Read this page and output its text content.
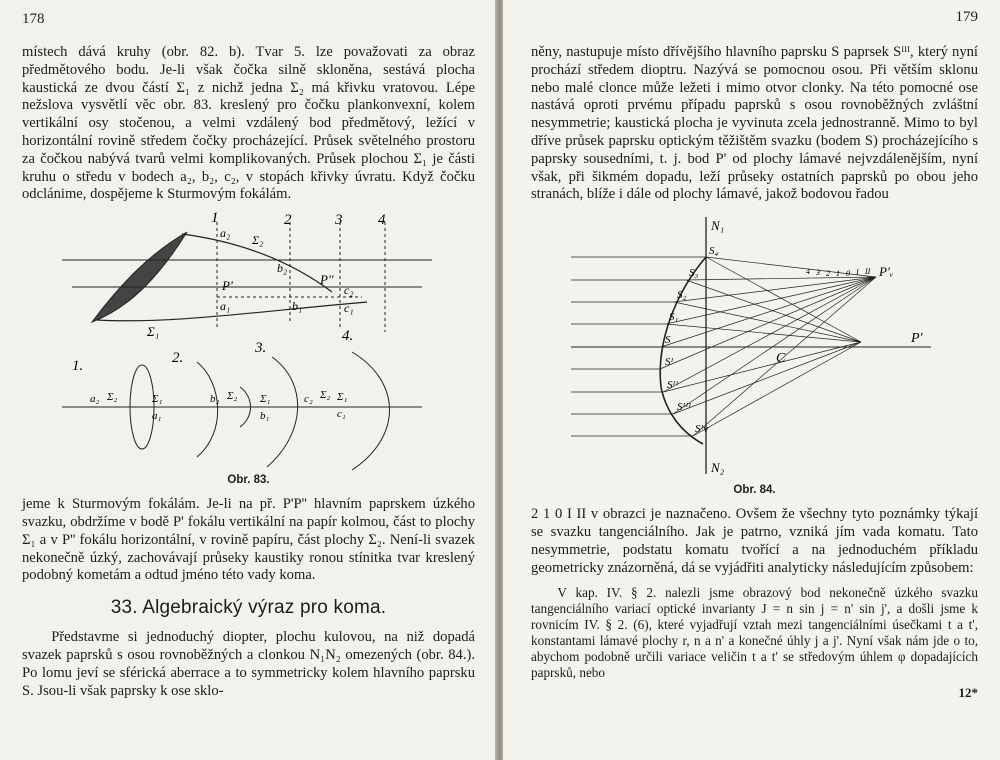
178

místech dává kruhy (obr. 82. b). Tvar 5. lze považovati za obraz předmětového bodu. Je-li však čočka silně skloněna, sestává plocha kaustická ze dvou částí Σ₁ z nichž jedna Σ₂ má křivku vratovou. Lépe nežslova vysvětlí věc obr. 83. kreslený pro čočku plankonvexní, kolem vertikální osy stočenou, a velmi vzdálený bod předmětový, ležící v horizontální rovině středem čočky procházející. Průsek světelného prostoru za čočkou nabývá tvarů velmi komplikovaných. Průsek plochou Σ₁ je části kruhu o středu v bodech a₂, b₂, c₂, v stopách křivky úvratu. Když čočku odclánime, dospějeme k Sturmovým fokálám.

1	2	3 4
a₂ Σ₂
b₂
P'	P''
c₂
a₁	b₁	c₁
Σ₁
1.	2.
3.
4.
a₂ Σ₂	Σ₁
a₁
b₂ Σ₂ Σ₁
b₁
c₂ Σ₂ Σ₁
c₁
Obr. 83.

jeme k Sturmovým fokálám. Je-li na př. P'P'' hlavním paprskem úzkého svazku, obdržíme v bodě P' fokálu vertikální na papír kolmou, část to plochy Σ₁ a v P'' fokálu horizontální, v rovině papíru, část plochy Σ₂. Není-li svazek nekonečně úzký, zachovávají průseky kaustiky ronou stínitka tvar kreslený podobný kometám a odtud jméno této vady koma.

33. Algebraický výraz pro koma.

Představme si jednoduchý diopter, plochu kulovou, na niž dopadá svazek paprsků s osou rovnoběžných a clonkou N₁N₂ omezených (obr. 84.). Po lomu jeví se sférická aberrace a to symmetricky kolem hlavního paprsku S. Jsou-li však paprsky k ose sklo-

179

něny, nastupuje místo dřívějšího hlavního paprsku S paprsek Sᴵᴵᴵ, který nyní prochází středem dioptru. Nazývá se pomocnou osou. Při větším sklonu nebo malé clonce může ležeti i mimo otvor clonky. Na této pomocné ose nastává oproti prvému případu paprsků s osou rovnoběžných zvláštní nesymmetrie; kaustická plocha je vyvinuta zcela jednostranně. Mimo to byl dříve průsek paprsku optickým těžištěm svazku (bodem S) procházejícího s paprsky sousedními, t. j. bod P' od plochy lámavé nejvzdálenějším, nyní však, při šikmém dopadu, leží průseky ostatních paprsků po obou jeho stranách, blíže i dále od plochy lámavé, jakož bodovou řadou

N₁
S₄
S₃
S₂
S₁
S
Sᴵ
Sᴵᴵ
Sᴵᴵᴵ
Sᴵᴠ
N₂
C
P'
P'ᵥ
4 3 2 1 0 I II
Obr. 84.

2 1 0 I II v obrazci je naznačeno. Ovšem že všechny tyto poznámky týkají se svazku tangenciálního. Jak je patrno, vzniká jím vada komatu. Tato nesymmetrie, podstatu komatu tvořící a na jednoduchém příkladu geometricky znázorněná, dá se vyjádřiti analyticky následujícím způsobem:

V kap. IV. § 2. nalezli jsme obrazový bod nekonečně úzkého svazku tangenciálního variací optické invarianty J = n sin j = n' sin j', a došli jsme k rovnicím IV. § 2. (6), které vyjadřují vztah mezi tangenciálními úsečkami t a t', konstantami lámavé plochy r, n a n' a konečné úhly j a j'. Nyní však nám jde o to, abychom podobně určili variace veličin t a t' se středovým úhlem φ dopadajících paprsků, nebo

12*
